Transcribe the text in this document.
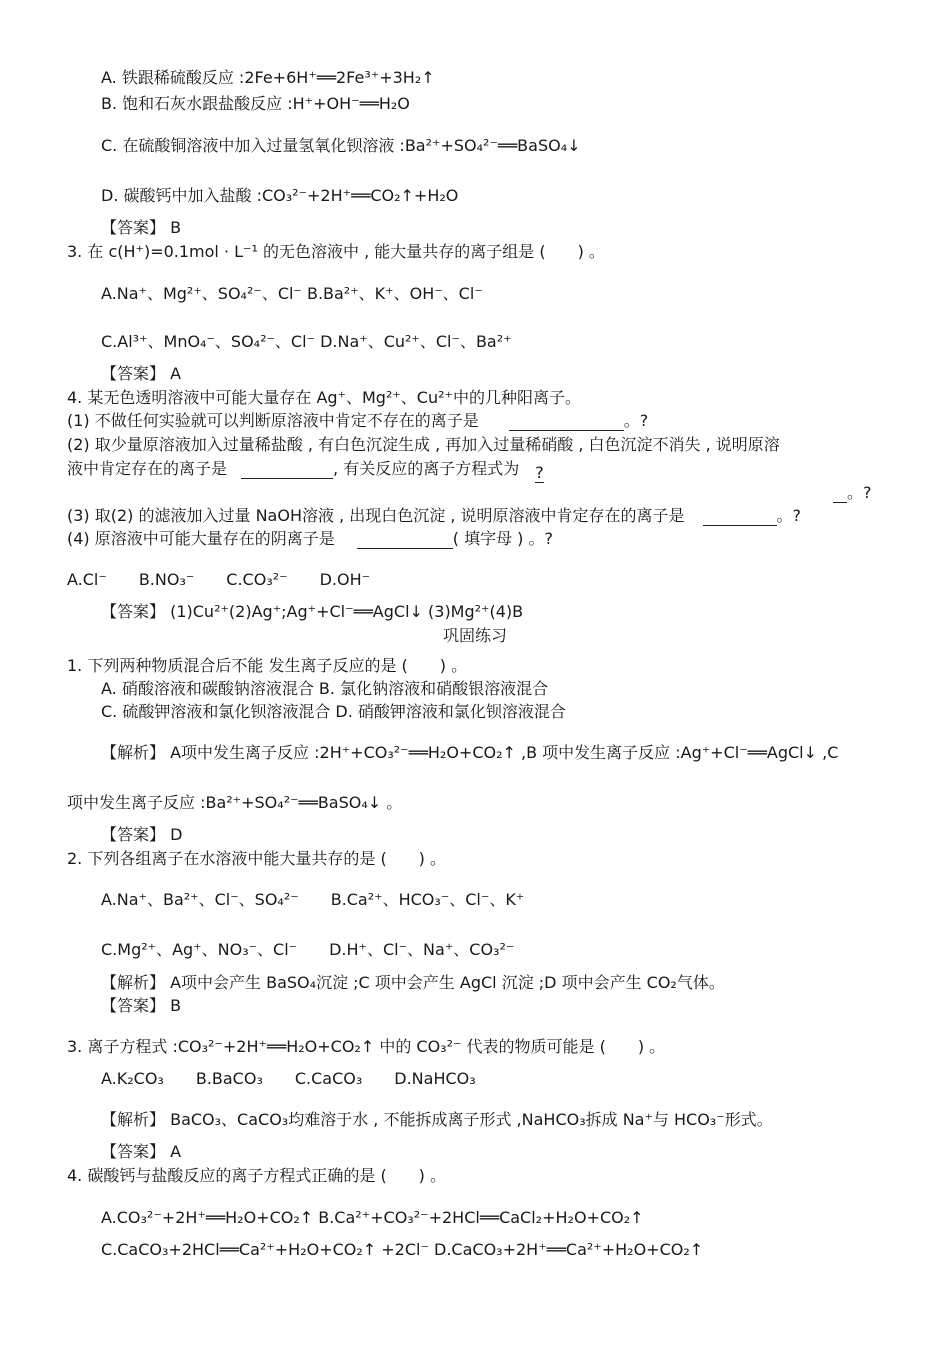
A. 铁跟稀硫酸反应 :2Fe+6H⁺══2Fe³⁺+3H₂↑
B. 饱和石灰水跟盐酸反应 :H⁺+OH⁻══H₂O
C. 在硫酸铜溶液中加入过量氢氧化钡溶液 :Ba²⁺+SO₄²⁻══BaSO₄↓
D. 碳酸钙中加入盐酸 :CO₃²⁻+2H⁺══CO₂↑+H₂O
【答案】 B
3. 在 c(H⁺)=0.1mol · L⁻¹ 的无色溶液中 , 能大量共存的离子组是 (　　) 。
A.Na⁺、Mg²⁺、SO₄²⁻、Cl⁻ B.Ba²⁺、K⁺、OH⁻、Cl⁻
C.Al³⁺、MnO₄⁻、SO₄²⁻、Cl⁻ D.Na⁺、Cu²⁺、Cl⁻、Ba²⁺
【答案】 A
4. 某无色透明溶液中可能大量存在 Ag⁺、Mg²⁺、Cu²⁺中的几种阳离子。
(1) 不做任何实验就可以判断原溶液中肯定不存在的离子是	。?
(2) 取少量原溶液加入过量稀盐酸 , 有白色沉淀生成 , 再加入过量稀硝酸 , 白色沉淀不消失 , 说明原溶
液中肯定存在的离子是	, 有关反应的离子方程式为 ?
。?
(3) 取(2) 的滤液加入过量 NaOH溶液 , 出现白色沉淀 , 说明原溶液中肯定存在的离子是	。?
(4) 原溶液中可能大量存在的阴离子是	( 填字母 ) 。?
A.Cl⁻　　B.NO₃⁻　　C.CO₃²⁻　　D.OH⁻
【答案】 (1)Cu²⁺(2)Ag⁺;Ag⁺+Cl⁻══AgCl↓ (3)Mg²⁺(4)B
巩固练习
1. 下列两种物质混合后不能 发生离子反应的是 (　　) 。
A. 硝酸溶液和碳酸钠溶液混合 B. 氯化钠溶液和硝酸银溶液混合
C. 硫酸钾溶液和氯化钡溶液混合 D. 硝酸钾溶液和氯化钡溶液混合
【解析】 A项中发生离子反应 :2H⁺+CO₃²⁻══H₂O+CO₂↑ ,B 项中发生离子反应 :Ag⁺+Cl⁻══AgCl↓ ,C
项中发生离子反应 :Ba²⁺+SO₄²⁻══BaSO₄↓ 。
【答案】 D
2. 下列各组离子在水溶液中能大量共存的是 (　　) 。
A.Na⁺、Ba²⁺、Cl⁻、SO₄²⁻　　B.Ca²⁺、HCO₃⁻、Cl⁻、K⁺
C.Mg²⁺、Ag⁺、NO₃⁻、Cl⁻　　D.H⁺、Cl⁻、Na⁺、CO₃²⁻
【解析】 A项中会产生 BaSO₄沉淀 ;C 项中会产生 AgCl 沉淀 ;D 项中会产生 CO₂气体。
【答案】 B
3. 离子方程式 :CO₃²⁻+2H⁺══H₂O+CO₂↑ 中的 CO₃²⁻ 代表的物质可能是 (　　) 。
A.K₂CO₃　　B.BaCO₃　　C.CaCO₃　　D.NaHCO₃
【解析】 BaCO₃、CaCO₃均难溶于水 , 不能拆成离子形式 ,NaHCO₃拆成 Na⁺与 HCO₃⁻形式。
【答案】 A
4. 碳酸钙与盐酸反应的离子方程式正确的是 (　　) 。
A.CO₃²⁻+2H⁺══H₂O+CO₂↑ B.Ca²⁺+CO₃²⁻+2HCl══CaCl₂+H₂O+CO₂↑
C.CaCO₃+2HCl══Ca²⁺+H₂O+CO₂↑ +2Cl⁻ D.CaCO₃+2H⁺══Ca²⁺+H₂O+CO₂↑
